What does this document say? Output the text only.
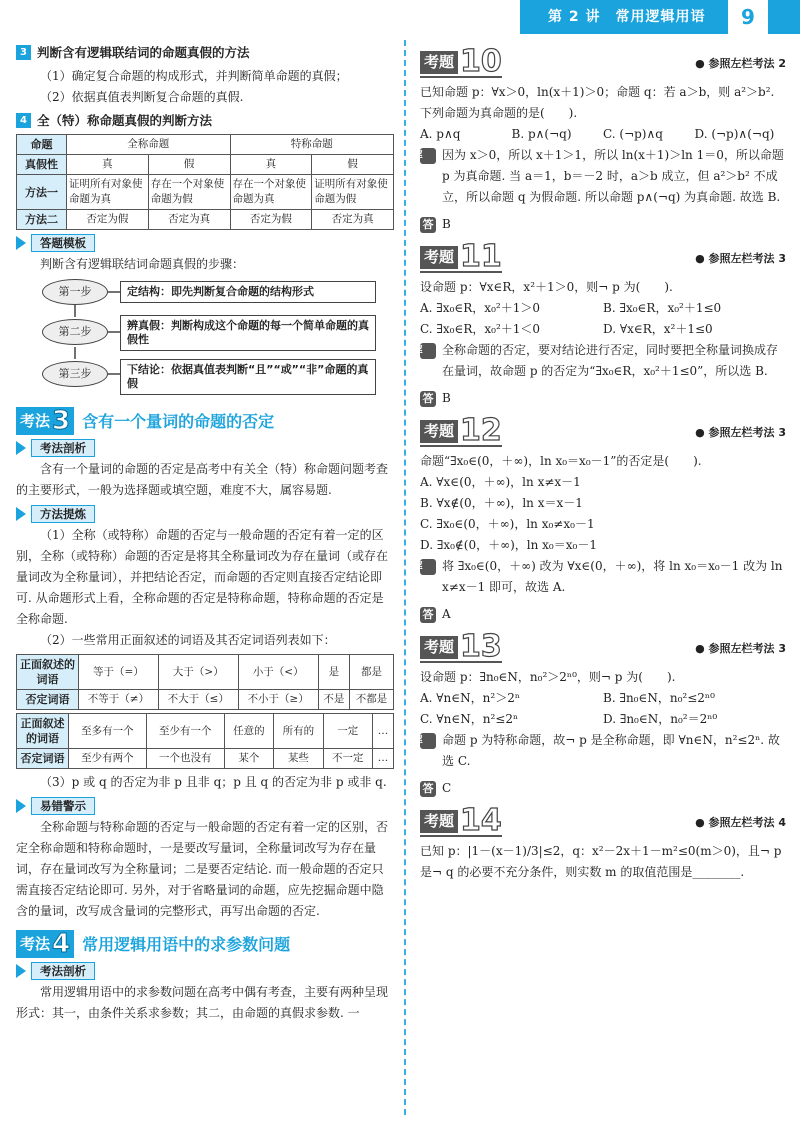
第 2 讲　常用逻辑用语	9
3 判断含有逻辑联结词的命题真假的方法
（1）确定复合命题的构成形式，并判断简单命题的真假；
（2）依据真值表判断复合命题的真假.
4 全（特）称命题真假的判断方法
命题	全称命题		特称命题	
真假性	真	假	真	假
方法一	证明所有对象使命题为真	存在一个对象使命题为假	存在一个对象使命题为真	证明所有对象使命题为假
方法二	否定为假	否定为真	否定为假	否定为真
答题模板
判断含有逻辑联结词命题真假的步骤：
第一步	定结构：即先判断复合命题的结构形式
第二步	辨真假：判断构成这个命题的每一个简单命题的真假性
第三步	下结论：依据真值表判断“且”“或”“非”命题的真假
考法 3 含有一个量词的命题的否定
考法剖析
含有一个量词的命题的否定是高考中有关全（特）称命题问题考查的主要形式，一般为选择题或填空题，难度不大，属容易题.
方法提炼
（1）全称（或特称）命题的否定与一般命题的否定有着一定的区别，全称（或特称）命题的否定是将其全称量词改为存在量词（或存在量词改为全称量词），并把结论否定，而命题的否定则直接否定结论即可. 从命题形式上看，全称命题的否定是特称命题，特称命题的否定是全称命题.
（2）一些常用正面叙述的词语及其否定词语列表如下：
正面叙述的词语	等于（=）	大于（>）	小于（<）	是	都是
否定词语	不等于（≠）	不大于（≤）	不小于（≥）	不是	不都是
正面叙述的词语	至多有一个	至少有一个	任意的	所有的	一定	…
否定词语	至少有两个	一个也没有	某个	某些	不一定	…
（3）p 或 q 的否定为非 p 且非 q；p 且 q 的否定为非 p 或非 q.
易错警示
全称命题与特称命题的否定与一般命题的否定有着一定的区别，否定全称命题和特称命题时，一是要改写量词，全称量词改写为存在量词，存在量词改写为全称量词；二是要否定结论. 而一般命题的否定只需直接否定结论即可. 另外，对于省略量词的命题，应先挖掘命题中隐含的量词，改写成含量词的完整形式，再写出命题的否定.
考法 4 常用逻辑用语中的求参数问题
考法剖析
常用逻辑用语中的求参数问题在高考中偶有考查，主要有两种呈现形式：其一，由条件关系求参数；其二，由命题的真假求参数. 一
考题 10	● 参照左栏考法 2
已知命题 p：∀x＞0，ln(x＋1)＞0；命题 q：若 a＞b，则 a²＞b². 下列命题为真命题的是(　　).
A. p∧q	B. p∧(¬q)	C. (¬p)∧q	D. (¬p)∧(¬q)
解 因为 x＞0，所以 x＋1＞1，所以 ln(x＋1)＞ln 1＝0，所以命题 p 为真命题. 当 a＝1，b＝－2 时，a＞b 成立，但 a²＞b² 不成立，所以命题 q 为假命题. 所以命题 p∧(¬q) 为真命题. 故选 B.
答 B
考题 11	● 参照左栏考法 3
设命题 p：∀x∈R，x²＋1＞0，则¬ p 为(　　).
A. ∃x₀∈R，x₀²＋1＞0	B. ∃x₀∈R，x₀²＋1≤0
C. ∃x₀∈R，x₀²＋1＜0	D. ∀x∈R，x²＋1≤0
解 全称命题的否定，要对结论进行否定，同时要把全称量词换成存在量词，故命题 p 的否定为“∃x₀∈R，x₀²＋1≤0”，所以选 B.
答 B
考题 12	● 参照左栏考法 3
命题“∃x₀∈(0，＋∞)，ln x₀＝x₀－1”的否定是(　　).
A. ∀x∈(0，＋∞)，ln x≠x－1
B. ∀x∉(0，＋∞)，ln x＝x－1
C. ∃x₀∈(0，＋∞)，ln x₀≠x₀－1
D. ∃x₀∉(0，＋∞)，ln x₀＝x₀－1
解 将 ∃x₀∈(0，＋∞) 改为 ∀x∈(0，＋∞)，将 ln x₀＝x₀－1 改为 ln x≠x－1 即可，故选 A.
答 A
考题 13	● 参照左栏考法 3
设命题 p：∃n₀∈N，n₀²＞2ⁿ⁰，则¬ p 为(　　).
A. ∀n∈N，n²＞2ⁿ	B. ∃n₀∈N，n₀²≤2ⁿ⁰
C. ∀n∈N，n²≤2ⁿ	D. ∃n₀∈N，n₀²＝2ⁿ⁰
解 命题 p 为特称命题，故¬ p 是全称命题，即 ∀n∈N，n²≤2ⁿ. 故选 C.
答 C
考题 14	● 参照左栏考法 4
已知 p：|1－(x－1)/3|≤2，q：x²－2x＋1－m²≤0(m＞0)，且¬ p 是¬ q 的必要不充分条件，则实数 m 的取值范围是________.
